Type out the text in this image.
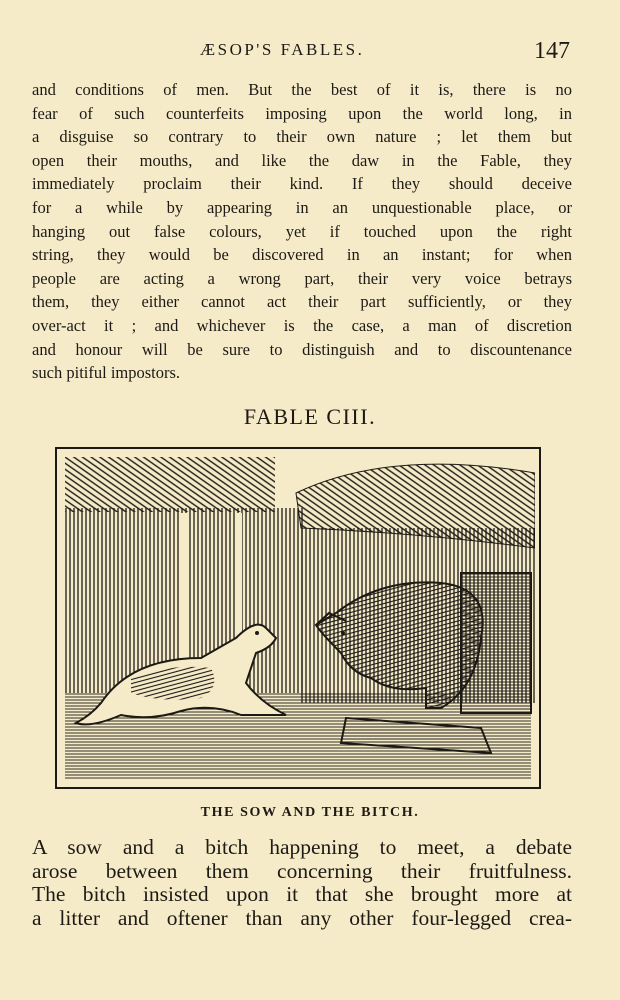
ÆSOP'S FABLES.	147

and conditions of men. But the best of it is, there is no
fear of such counterfeits imposing upon the world long, in
a disguise so contrary to their own nature ; let them but
open their mouths, and like the daw in the Fable, they
immediately proclaim their kind. If they should deceive
for a while by appearing in an unquestionable place, or
hanging out false colours, yet if touched upon the right
string, they would be discovered in an instant; for when
people are acting a wrong part, their very voice betrays
them, they either cannot act their part sufficiently, or they
over-act it ; and whichever is the case, a man of discretion
and honour will be sure to distinguish and to discountenance
such pitiful impostors.

FABLE CIII.
THE SOW AND THE BITCH.

A sow and a bitch happening to meet, a debate
arose between them concerning their fruitfulness.
The bitch insisted upon it that she brought more at
a litter and oftener than any other four-legged crea-
